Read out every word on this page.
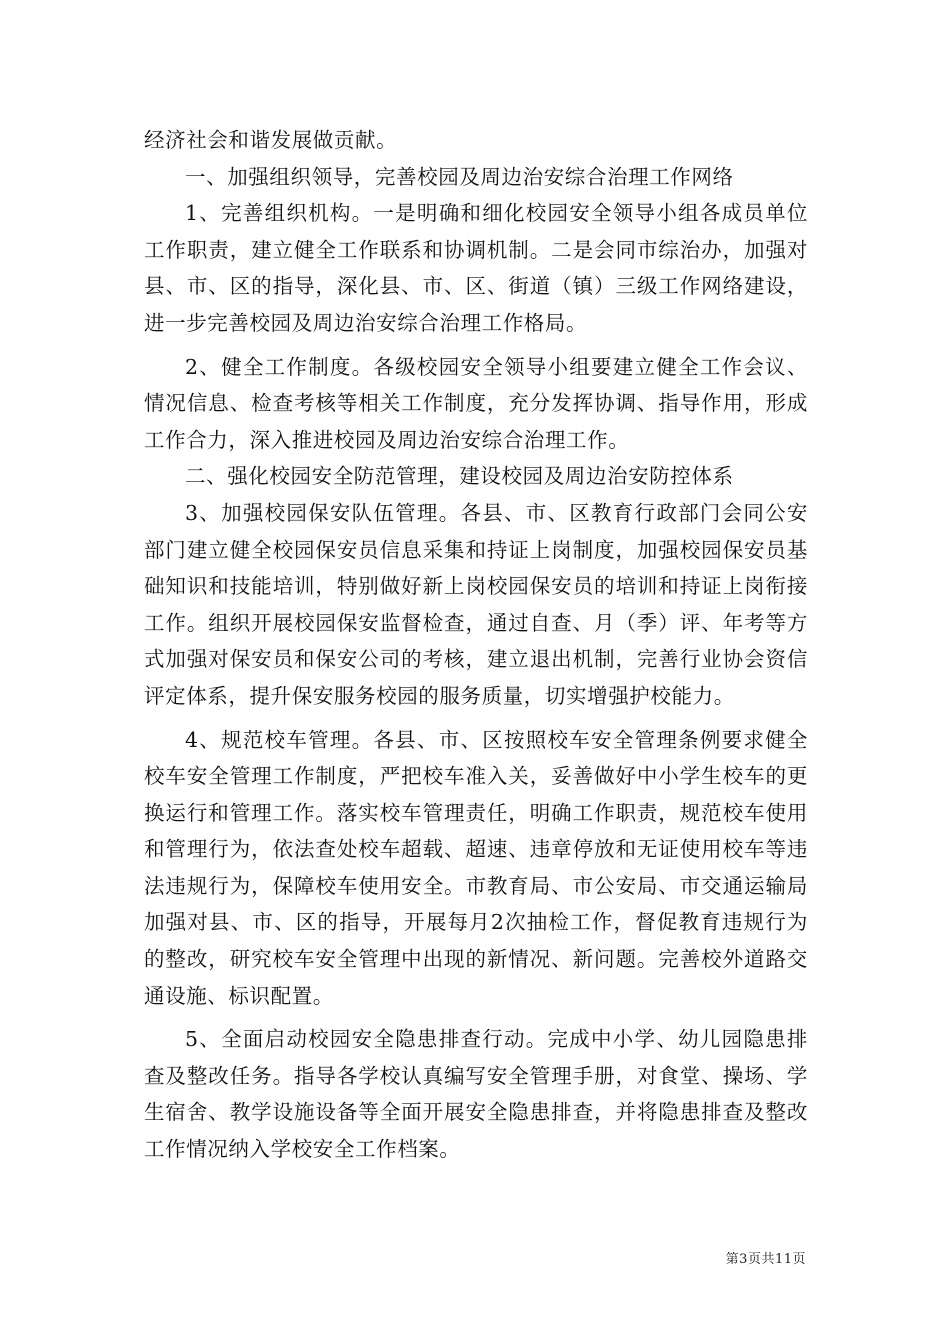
经济社会和谐发展做贡献。

一、加强组织领导，完善校园及周边治安综合治理工作网络

1、完善组织机构。一是明确和细化校园安全领导小组各成员单位工作职责，建立健全工作联系和协调机制。二是会同市综治办，加强对县、市、区的指导，深化县、市、区、街道（镇）三级工作网络建设，进一步完善校园及周边治安综合治理工作格局。

2、健全工作制度。各级校园安全领导小组要建立健全工作会议、情况信息、检查考核等相关工作制度，充分发挥协调、指导作用，形成工作合力，深入推进校园及周边治安综合治理工作。

二、强化校园安全防范管理，建设校园及周边治安防控体系

3、加强校园保安队伍管理。各县、市、区教育行政部门会同公安部门建立健全校园保安员信息采集和持证上岗制度，加强校园保安员基础知识和技能培训，特别做好新上岗校园保安员的培训和持证上岗衔接工作。组织开展校园保安监督检查，通过自查、月（季）评、年考等方式加强对保安员和保安公司的考核，建立退出机制，完善行业协会资信评定体系，提升保安服务校园的服务质量，切实增强护校能力。

4、规范校车管理。各县、市、区按照校车安全管理条例要求健全校车安全管理工作制度，严把校车准入关，妥善做好中小学生校车的更换运行和管理工作。落实校车管理责任，明确工作职责，规范校车使用和管理行为，依法查处校车超载、超速、违章停放和无证使用校车等违法违规行为，保障校车使用安全。市教育局、市公安局、市交通运输局加强对县、市、区的指导，开展每月2次抽检工作，督促教育违规行为的整改，研究校车安全管理中出现的新情况、新问题。完善校外道路交通设施、标识配置。

5、全面启动校园安全隐患排查行动。完成中小学、幼儿园隐患排查及整改任务。指导各学校认真编写安全管理手册，对食堂、操场、学生宿舍、教学设施设备等全面开展安全隐患排查，并将隐患排查及整改工作情况纳入学校安全工作档案。

第3页共11页
